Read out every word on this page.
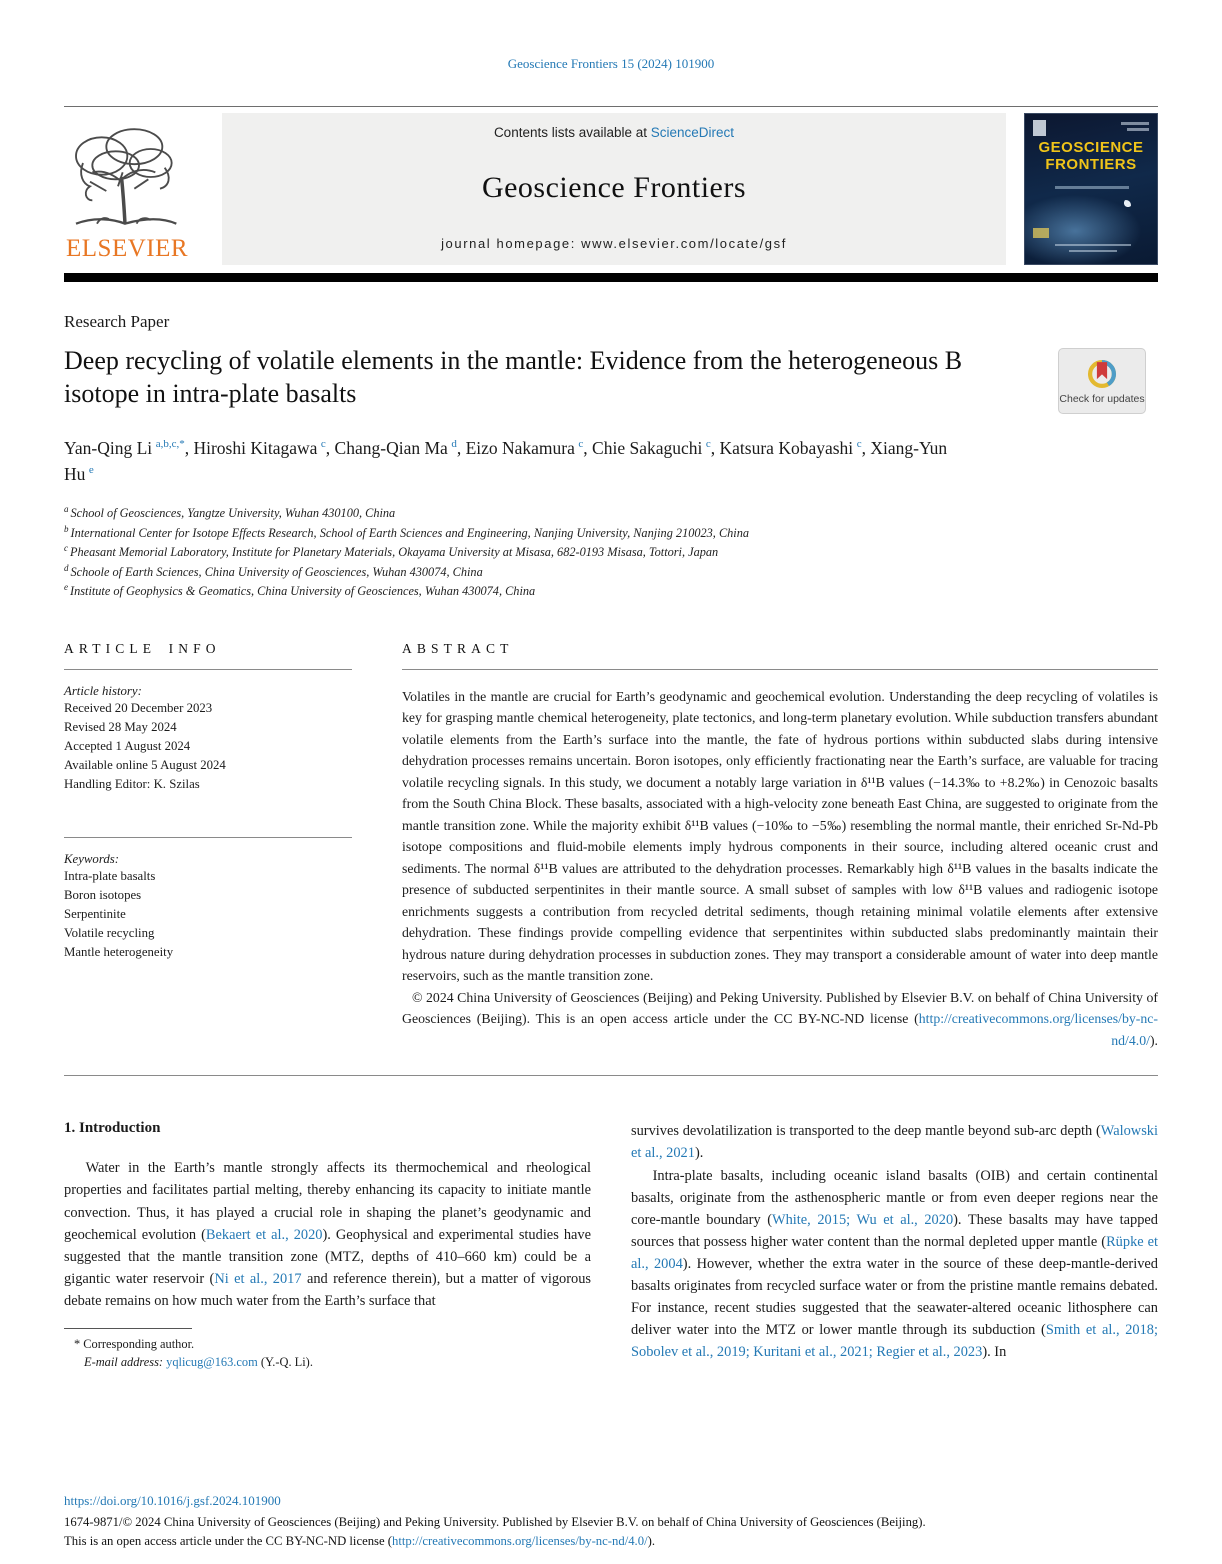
Geoscience Frontiers 15 (2024) 101900
ELSEVIER
Contents lists available at ScienceDirect
Geoscience Frontiers
journal homepage: www.elsevier.com/locate/gsf
GEOSCIENCE
FRONTIERS
Research Paper
Deep recycling of volatile elements in the mantle: Evidence from the heterogeneous B isotope in intra-plate basalts	Check for updates
Yan-Qing Li  $^{a,b,c,*}$, Hiroshi Kitagawa  $^c$, Chang-Qian Ma  $^d$, Eizo Nakamura  $^c$, Chie Sakaguchi  $^c$, Katsura Kobayashi  $^c$, Xiang-Yun Hu  $^e$
$^a$ School of Geosciences, Yangtze University, Wuhan 430100, China
$^b$ International Center for Isotope Effects Research, School of Earth Sciences and Engineering, Nanjing University, Nanjing 210023, China
$^c$ Pheasant Memorial Laboratory, Institute for Planetary Materials, Okayama University at Misasa, 682-0193 Misasa, Tottori, Japan
$^d$ Schoole of Earth Sciences, China University of Geosciences, Wuhan 430074, China
$^e$ Institute of Geophysics & Geomatics, China University of Geosciences, Wuhan 430074, China
ARTICLE INFO
Article history:
Received 20 December 2023
Revised 28 May 2024
Accepted 1 August 2024
Available online 5 August 2024
Handling Editor: K. Szilas
Keywords:
Intra-plate basalts
Boron isotopes
Serpentinite
Volatile recycling
Mantle heterogeneity
ABSTRACT
Volatiles in the mantle are crucial for Earth’s geodynamic and geochemical evolution. Understanding the deep recycling of volatiles is key for grasping mantle chemical heterogeneity, plate tectonics, and long-term planetary evolution. While subduction transfers abundant volatile elements from the Earth’s surface into the mantle, the fate of hydrous portions within subducted slabs during intensive dehydration processes remains uncertain. Boron isotopes, only efficiently fractionating near the Earth’s surface, are valuable for tracing volatile recycling signals. In this study, we document a notably large variation in δ¹¹B values (−14.3‰ to +8.2‰) in Cenozoic basalts from the South China Block. These basalts, associated with a high-velocity zone beneath East China, are suggested to originate from the mantle transition zone. While the majority exhibit δ¹¹B values (−10‰ to −5‰) resembling the normal mantle, their enriched Sr-Nd-Pb isotope compositions and fluid-mobile elements imply hydrous components in their source, including altered oceanic crust and sediments. The normal δ¹¹B values are attributed to the dehydration processes. Remarkably high δ¹¹B values in the basalts indicate the presence of subducted serpentinites in their mantle source. A small subset of samples with low δ¹¹B values and radiogenic isotope enrichments suggests a contribution from recycled detrital sediments, though retaining minimal volatile elements after extensive dehydration. These findings provide compelling evidence that serpentinites within subducted slabs predominantly maintain their hydrous nature during dehydration processes in subduction zones. They may transport a considerable amount of water into deep mantle reservoirs, such as the mantle transition zone.
© 2024 China University of Geosciences (Beijing) and Peking University. Published by Elsevier B.V. on behalf of China University of Geosciences (Beijing). This is an open access article under the CC BY-NC-ND license (http://creativecommons.org/licenses/by-nc-nd/4.0/).
1. Introduction

Water in the Earth’s mantle strongly affects its thermochemical and rheological properties and facilitates partial melting, thereby enhancing its capacity to initiate mantle convection. Thus, it has played a crucial role in shaping the planet’s geodynamic and geochemical evolution (Bekaert et al., 2020). Geophysical and experimental studies have suggested that the mantle transition zone (MTZ, depths of 410–660 km) could be a gigantic water reservoir (Ni et al., 2017 and reference therein), but a matter of vigorous debate remains on how much water from the Earth’s surface that

* Corresponding author.
E-mail address: yqlicug@163.com (Y.-Q. Li).

survives devolatilization is transported to the deep mantle beyond sub-arc depth (Walowski et al., 2021).

Intra-plate basalts, including oceanic island basalts (OIB) and certain continental basalts, originate from the asthenospheric mantle or from even deeper regions near the core-mantle boundary (White, 2015; Wu et al., 2020). These basalts may have tapped sources that possess higher water content than the normal depleted upper mantle (Rüpke et al., 2004). However, whether the extra water in the source of these deep-mantle-derived basalts originates from recycled surface water or from the pristine mantle remains debated. For instance, recent studies suggested that the seawater-altered oceanic lithosphere can deliver water into the MTZ or lower mantle through its subduction (Smith et al., 2018; Sobolev et al., 2019; Kuritani et al., 2021; Regier et al., 2023). In

https://doi.org/10.1016/j.gsf.2024.101900
1674-9871/© 2024 China University of Geosciences (Beijing) and Peking University. Published by Elsevier B.V. on behalf of China University of Geosciences (Beijing).
This is an open access article under the CC BY-NC-ND license (http://creativecommons.org/licenses/by-nc-nd/4.0/).
